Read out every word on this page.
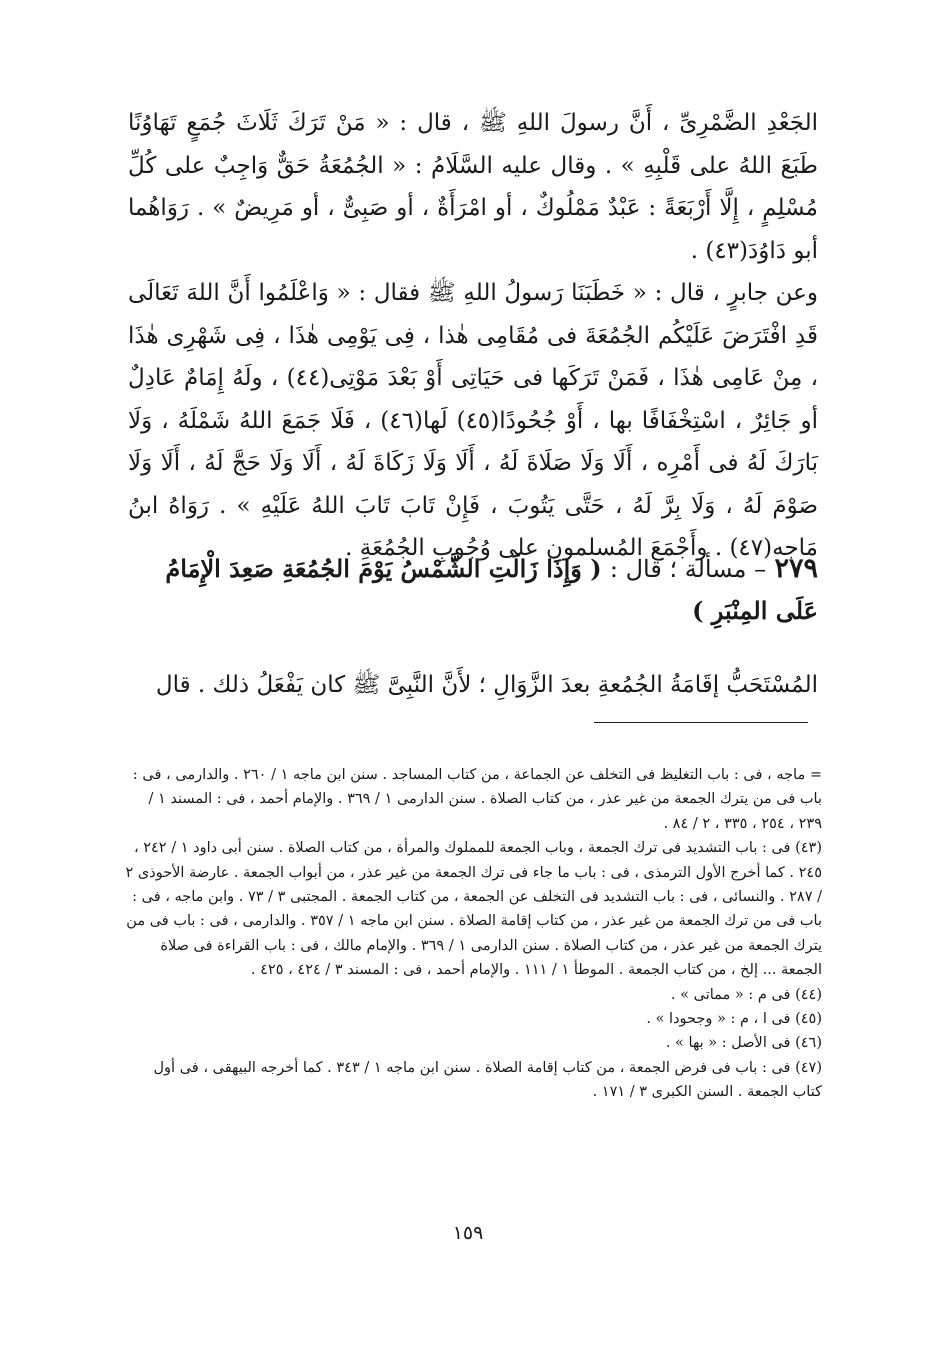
الجَعْدِ الضَّمْرِىِّ ، أَنَّ رسولَ اللهِ ﷺ ، قال : « مَنْ تَرَكَ ثَلَاثَ جُمَعٍ تَهَاوُنًا طَبَعَ اللهُ على قَلْبِهِ » . وقال عليه السَّلَامُ : « الجُمُعَةُ حَقٌّ وَاجِبٌ على كُلِّ مُسْلِمٍ ، إِلَّا أَرْبَعَةً : عَبْدٌ مَمْلُوكٌ ، أو امْرَأَةٌ ، أو صَبِىٌّ ، أو مَرِيضٌ » . رَوَاهُما أبو دَاوُدَ(٤٣) .

وعن جابرٍ ، قال : « خَطَبَنَا رَسولُ اللهِ ﷺ فقال : « وَاعْلَمُوا أَنَّ اللهَ تَعَالَى قَدِ افْتَرَضَ عَلَيْكُم الجُمُعَةَ فى مُقَامِى هٰذا ، فِى يَوْمِى هٰذَا ، فِى شَهْرِى هٰذَا ، مِنْ عَامِى هٰذَا ، فَمَنْ تَرَكَها فى حَيَاتِى أَوْ بَعْدَ مَوْتِى(٤٤) ، ولَهُ إِمَامٌ عَادِلٌ أو جَائِرٌ ، اسْتِخْفَافًا بها ، أَوْ جُحُودًا(٤٥) لَها(٤٦) ، فَلَا جَمَعَ اللهُ شَمْلَهُ ، وَلَا بَارَكَ لَهُ فى أَمْرِه ، أَلَا وَلَا صَلَاةَ لَهُ ، أَلَا وَلَا زَكَاةَ لَهُ ، أَلَا وَلَا حَجَّ لَهُ ، أَلَا وَلَا صَوْمَ لَهُ ، وَلَا بِرَّ لَهُ ، حَتَّى يَتُوبَ ، فَإِنْ تَابَ تَابَ اللهُ عَلَيْهِ » . رَوَاهُ ابنُ مَاجه(٤٧) . وأَجْمَعَ المُسلمون على وُجُوبِ الجُمُعَةِ .

٢٧٩ – مسألة ؛ قال : ( وَإِذَا زَالَتِ الشَّمْسُ يَوْمَ الجُمُعَةِ صَعِدَ الْإِمَامُ عَلَى المِنْبَرِ )

المُسْتَحَبُّ إقَامَةُ الجُمُعةِ بعدَ الزَّوَالِ ؛ لأَنَّ النَّبِىَّ ﷺ كان يَفْعَلُ ذلك . قال

= ماجه ، فى : باب التغليظ فى التخلف عن الجماعة ، من كتاب المساجد . سنن ابن ماجه ١ / ٢٦٠ . والدارمى ، فى : باب فى من يترك الجمعة من غير عذر ، من كتاب الصلاة . سنن الدارمى ١ / ٣٦٩ . والإمام أحمد ، فى : المسند ١ / ٢٣٩ ، ٢٥٤ ، ٣٣٥ ، ٢ / ٨٤ .

(٤٣) فى : باب التشديد فى ترك الجمعة ، وباب الجمعة للمملوك والمرأة ، من كتاب الصلاة . سنن أبى داود ١ / ٢٤٢ ، ٢٤٥ . كما أخرج الأول الترمذى ، فى : باب ما جاء فى ترك الجمعة من غير عذر ، من أبواب الجمعة . عارضة الأحوذى ٢ / ٢٨٧ . والنسائى ، فى : باب التشديد فى التخلف عن الجمعة ، من كتاب الجمعة . المجتبى ٣ / ٧٣ . وابن ماجه ، فى : باب فى من ترك الجمعة من غير عذر ، من كتاب إقامة الصلاة . سنن ابن ماجه ١ / ٣٥٧ . والدارمى ، فى : باب فى من يترك الجمعة من غير عذر ، من كتاب الصلاة . سنن الدارمى ١ / ٣٦٩ . والإمام مالك ، فى : باب القراءة فى صلاة الجمعة ... إلخ ، من كتاب الجمعة . الموطأ ١ / ١١١ . والإمام أحمد ، فى : المسند ٣ / ٤٢٤ ، ٤٢٥ .

(٤٤) فى م : « مماتى » .

(٤٥) فى ا ، م : « وجحودا » .

(٤٦) فى الأصل : « بها » .

(٤٧) فى : باب فى فرض الجمعة ، من كتاب إقامة الصلاة . سنن ابن ماجه ١ / ٣٤٣ . كما أخرجه البيهقى ، فى أول كتاب الجمعة . السنن الكبرى ٣ / ١٧١ .

١٥٩
